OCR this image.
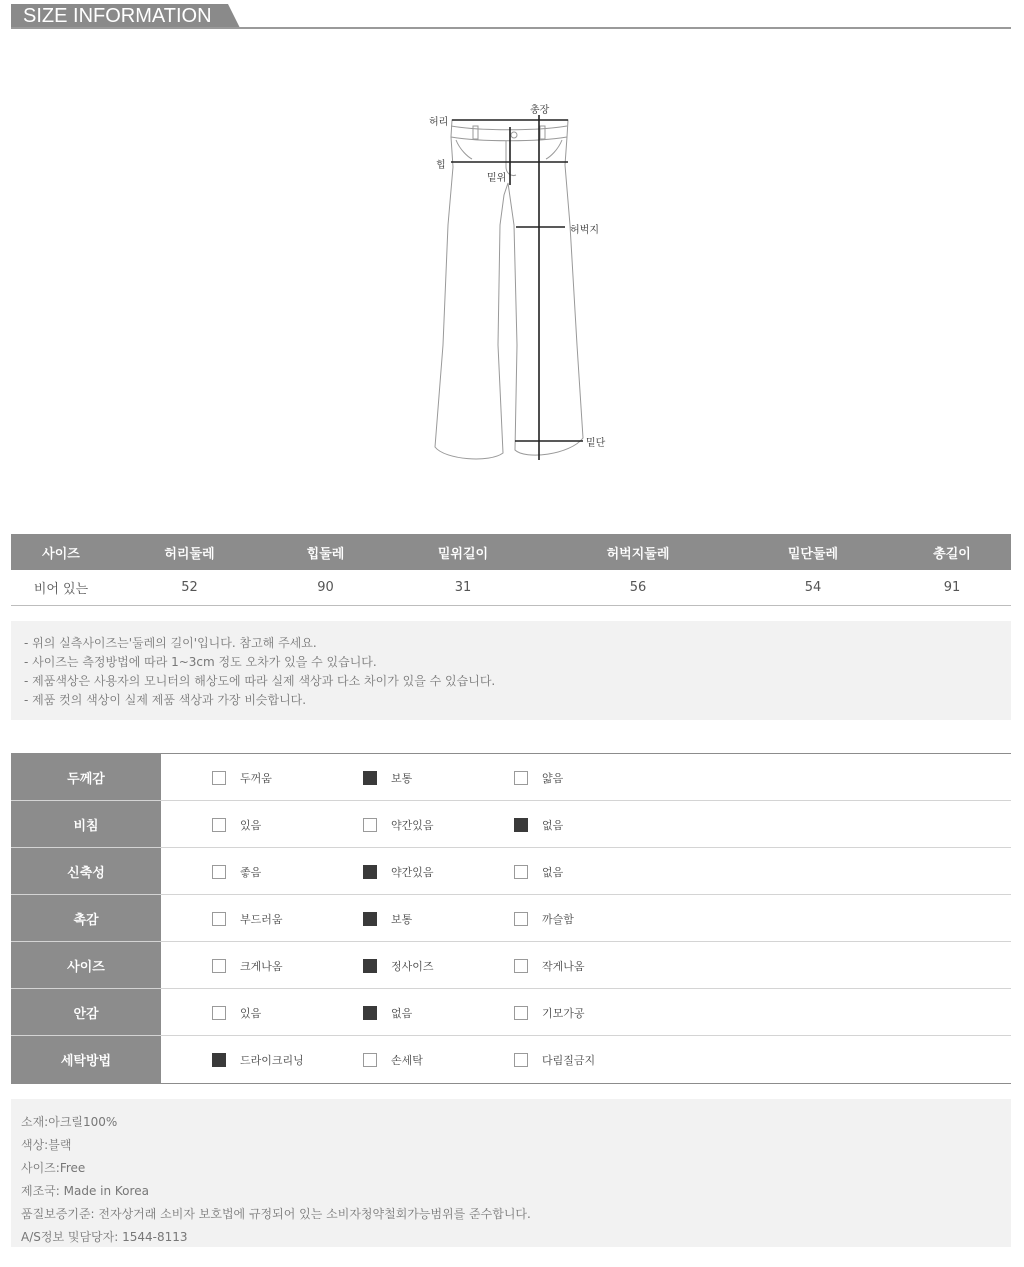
SIZE INFORMATION
총장
허리
힙
밑위
허벅지
밑단
사이즈	허리둘레	힙둘레	밑위길이	허벅지둘레	밑단둘레	총길이
비어 있는	52	90	31	56	54	91
- 위의 실측사이즈는'둘레의 길이'입니다. 참고해 주세요.
- 사이즈는 측정방법에 따라 1~3cm 정도 오차가 있을 수 있습니다.
- 제품색상은 사용자의 모니터의 해상도에 따라 실제 색상과 다소 차이가 있을 수 있습니다.
- 제품 컷의 색상이 실제 제품 색상과 가장 비슷합니다.
두께감	두꺼움	보통	얇음
비침	있음	약간있음	없음
신축성	좋음	약간있음	없음
촉감	부드러움	보통	까슬함
사이즈	크게나옴	정사이즈	작게나옴
안감	있음	없음	기모가공
세탁방법	드라이크리닝	손세탁	다림질금지
소재:아크릴100%
색상:블랙
사이즈:Free
제조국: Made in Korea
품질보증기준: 전자상거래 소비자 보호법에 규정되어 있는 소비자청약철회가능범위를 준수합니다.
A/S정보 및담당자: 1544-8113
